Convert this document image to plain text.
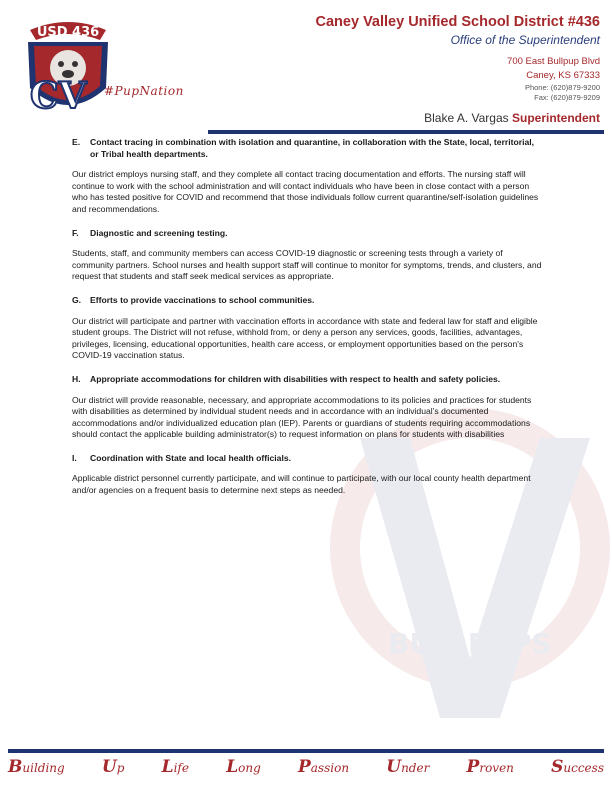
BULLPUPS
USD 436
CV #PupNation
Caney Valley Unified School District #436
Office of the Superintendent
700 East Bullpup Blvd
Caney, KS 67333
Phone: (620)879-9200
Fax: (620)879-9209
Blake A. Vargas Superintendent
E.	Contact tracing in combination with isolation and quarantine, in collaboration with the State, local, territorial, or Tribal health departments.

Our district employs nursing staff, and they complete all contact tracing documentation and efforts. The nursing staff will continue to work with the school administration and will contact individuals who have been in close contact with a person who has tested positive for COVID and recommend that those individuals follow current quarantine/self-isolation guidelines and recommendations.

F.	Diagnostic and screening testing.

Students, staff, and community members can access COVID-19 diagnostic or screening tests through a variety of community partners. School nurses and health support staff will continue to monitor for symptoms, trends, and clusters, and request that students and staff seek medical services as appropriate.

G.	Efforts to provide vaccinations to school communities.

Our district will participate and partner with vaccination efforts in accordance with state and federal law for staff and eligible student groups. The District will not refuse, withhold from, or deny a person any services, goods, facilities, advantages, privileges, licensing, educational opportunities, health care access, or employment opportunities based on the person's COVID-19 vaccination status.

H.	Appropriate accommodations for children with disabilities with respect to health and safety policies.

Our district will provide reasonable, necessary, and appropriate accommodations to its policies and practices for students with disabilities as determined by individual student needs and in accordance with an individual’s documented accommodations and/or individualized education plan (IEP). Parents or guardians of students requiring accommodations should contact the applicable building administrator(s) to request information on plans for students with disabilities

I.	Coordination with State and local health officials.

Applicable district personnel currently participate, and will continue to participate, with our local county health department and/or agencies on a frequent basis to determine next steps as needed.

Building Up Life Long Passion Under Proven Success
